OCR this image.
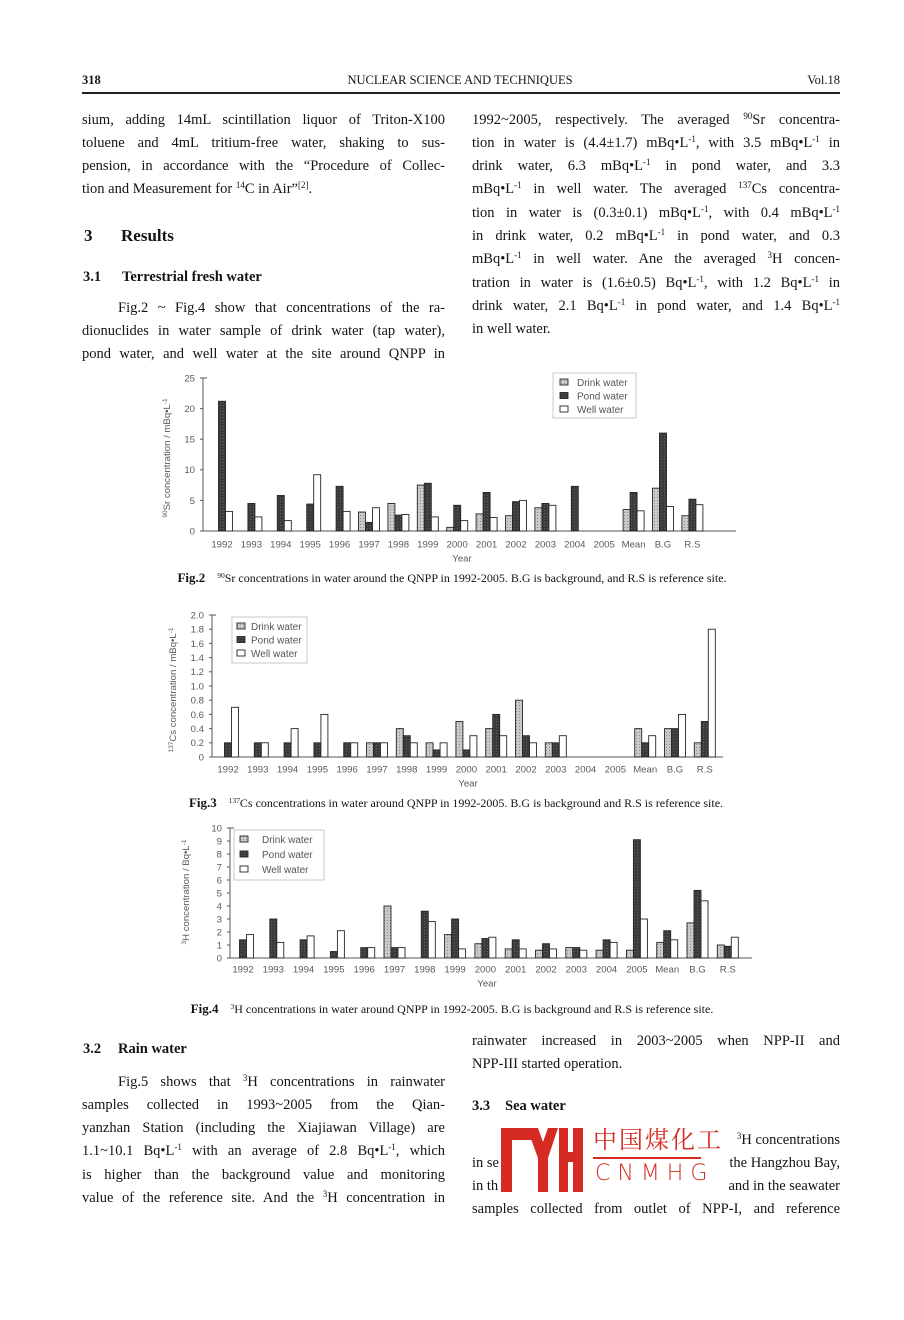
318	NUCLEAR SCIENCE AND TECHNIQUES	Vol.18
sium, adding 14mL scintillation liquor of Triton-X100
toluene and 4mL tritium-free water, shaking to sus-
pension, in accordance with the “Procedure of Collec-
tion and Measurement for $^{14}$C in Air”[2].
3 Results
3.1 Terrestrial fresh water
Fig.2 ~ Fig.4 show that concentrations of the ra-
dionuclides in water sample of drink water (tap water),
pond water, and well water at the site around QNPP in
1992~2005, respectively. The averaged $^{90}$Sr concentra-
tion in water is (4.4±1.7) $mBq•L^{-1}$, with 3.5 $mBq•L^{-1}$ in
drink water, 6.3 $mBq•L^{-1}$ in pond water, and 3.3
$mBq•L^{-1}$ in well water. The averaged $^{137}$Cs concentra-
tion in water is (0.3±0.1) $mBq•L^{-1}$, with 0.4 $mBq•L^{-1}$
in drink water, 0.2 $mBq•L^{-1}$ in pond water, and 0.3
$mBq•L^{-1}$ in well water. Ane the averaged $^3$H concen-
tration in water is (1.6±0.5) $Bq•L^{-1}$, with 1.2 $Bq•L^{-1}$ in
drink water, 2.1 $Bq•L^{-1}$ in pond water, and 1.4 $Bq•L^{-1}$
in well water.
0
5
10
15
20
25
1992 1993 1994 1995 1996 1997 1998 1999 2000 2001 2002 2003 2004 2005 Mean B.G R.S
Year
$^{90}$Sr concentration / $mBq•L^{-1}$
Drink water
Pond water
Well water
Fig.2 $^{90}$Sr concentrations in water around the QNPP in 1992-2005. B.G is background, and R.S is reference site.
0
0.2
0.4
0.6
0.8
1.0
1.2
1.4
1.6
1.8
2.0
1992 1993 1994 1995 1996 1997 1998 1999 2000 2001 2002 2003 2004 2005 Mean B.G R.S
Year
$^{137}$Cs concentration / $mBq•L^{-1}$	Drink water
Pond water
Well water
Fig.3 $^{137}$Cs concentrations in water around QNPP in 1992-2005. B.G is background and R.S is reference site.
0
1
2
3
4
5
6
7
8
9
10
1992 1993 1994 1995 1996 1997 1998 1999 2000 2001 2002 2003 2004 2005 Mean B.G R.S
Year
$^3$H concentration / $Bq•L^{-1}$	Drink water
Pond water
Well water
Fig.4 $^3$H concentrations in water around QNPP in 1992-2005. B.G is background and R.S is reference site.
3.2 Rain water
Fig.5 shows that $^3$H concentrations in rainwater
samples collected in 1993~2005 from the Qian-
yanzhan Station (including the Xiajiawan Village) are
1.1~10.1 $Bq•L^{-1}$ with an average of 2.8 $Bq•L^{-1}$, which
is higher than the background value and monitoring
value of the reference site. And the $^3$H concentration in
rainwater increased in 2003~2005 when NPP-II and
NPP-III started operation.
3.3 Sea water
$^3$H concentrations
in se	the Hangzhou Bay,
in th	and in the seawater
samples collected from outlet of NPP-I, and reference
中国煤化工
CNMHG
